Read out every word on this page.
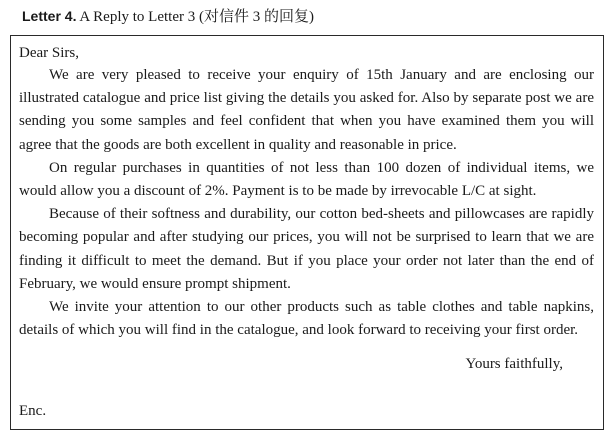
Letter 4. A Reply to Letter 3 (对信件 3 的回复)
Dear Sirs,

We are very pleased to receive your enquiry of 15th January and are enclosing our illustrated catalogue and price list giving the details you asked for. Also by separate post we are sending you some samples and feel confident that when you have examined them you will agree that the goods are both excellent in quality and reasonable in price.

On regular purchases in quantities of not less than 100 dozen of individual items, we would allow you a discount of 2%. Payment is to be made by irrevocable L/C at sight.

Because of their softness and durability, our cotton bed-sheets and pillowcases are rapidly becoming popular and after studying our prices, you will not be surprised to learn that we are finding it difficult to meet the demand. But if you place your order not later than the end of February, we would ensure prompt shipment.

We invite your attention to our other products such as table clothes and table napkins, details of which you will find in the catalogue, and look forward to receiving your first order.

Yours faithfully,
Enc.
